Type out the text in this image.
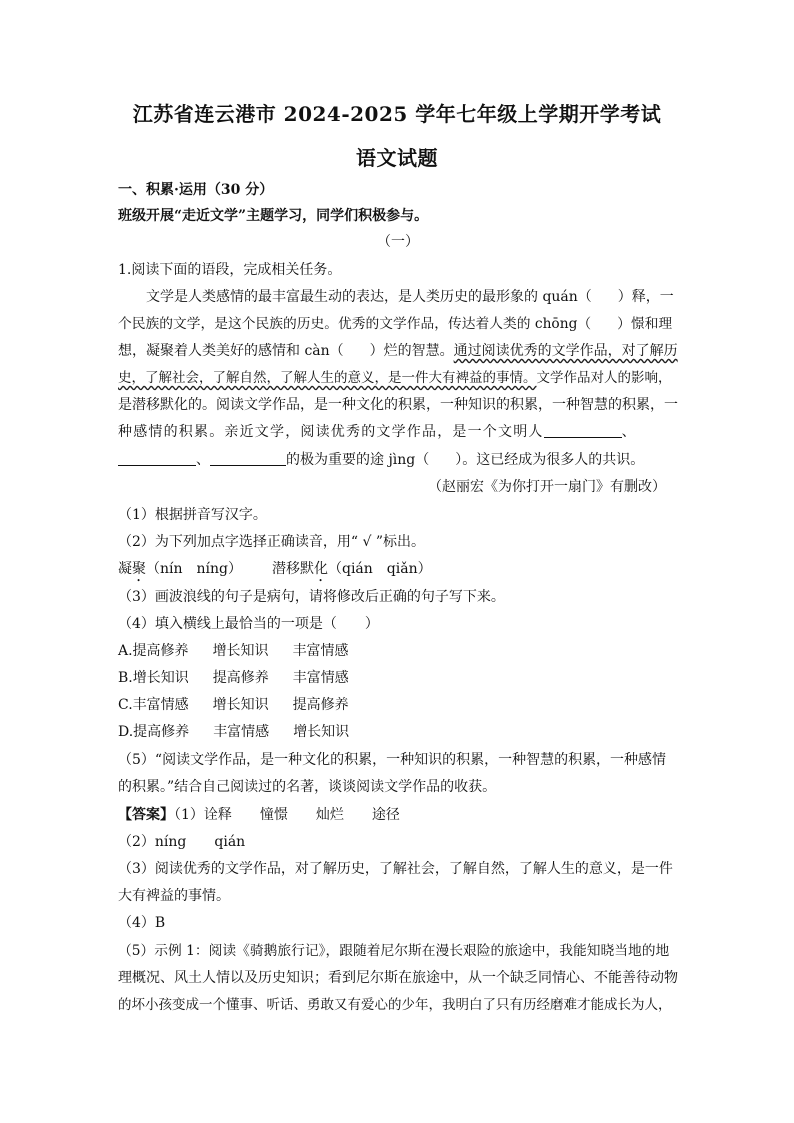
江苏省连云港市 2024-2025 学年七年级上学期开学考试
语文试题
一、积累·运用（30 分）
班级开展“走近文学”主题学习，同学们积极参与。
（一）
1.阅读下面的语段，完成相关任务。
文学是人类感情的最丰富最生动的表达，是人类历史的最形象的 quán（ ）释，一
个民族的文学，是这个民族的历史。优秀的文学作品，传达着人类的 chōng（ ）憬和理
想，凝聚着人类美好的感情和 càn（ ）烂的智慧。通过阅读优秀的文学作品，对了解历
史，了解社会，了解自然，了解人生的意义，是一件大有裨益的事情。文学作品对人的影响，
是潜移默化的。阅读文学作品，是一种文化的积累，一种知识的积累，一种智慧的积累，一
种感情的积累。亲近文学，阅读优秀的文学作品，是一个文明人	、
、	的极为重要的途 jìng（ ）。这已经成为很多人的共识。
（赵丽宏《为你打开一扇门》有删改）
（1）根据拼音写汉字。
（2）为下列加点字选择正确读音，用“ √ ”标出。
凝聚（nín　níng） 潜移默化（qián　qiǎn）
（3）画波浪线的句子是病句，请将修改后正确的句子写下来。
（4）填入横线上最恰当的一项是（　　）
A.提高修养 增长知识 丰富情感
B.增长知识 提高修养 丰富情感
C.丰富情感 增长知识 提高修养
D.提高修养 丰富情感 增长知识
（5）“阅读文学作品，是一种文化的积累，一种知识的积累，一种智慧的积累，一种感情
的积累。”结合自己阅读过的名著，谈谈阅读文学作品的收获。
【答案】（1）诠释　　憧憬　　灿烂　　途径
（2）níng　　qián
（3）阅读优秀的文学作品，对了解历史，了解社会，了解自然，了解人生的意义，是一件
大有裨益的事情。
（4）B
（5）示例 1：阅读《骑鹅旅行记》，跟随着尼尔斯在漫长艰险的旅途中，我能知晓当地的地
理概况、风土人情以及历史知识；看到尼尔斯在旅途中，从一个缺乏同情心、不能善待动物
的坏小孩变成一个懂事、听话、勇敢又有爱心的少年，我明白了只有历经磨难才能成长为人，
